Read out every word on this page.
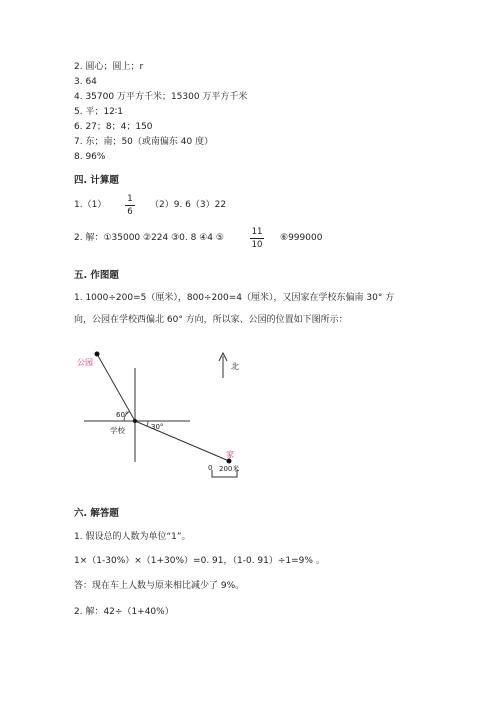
2. 圆心；圆上；r
3. 64
4. 35700 万平方千米；15300 万平方千米
5. 平；12∶1
6. 27；8；4；150
7. 东；南；50（或南偏东 40 度）
8. 96%
四. 计算题
1.（1）
1
6
（2）9. 6（3）22
2. 解：①35000 ②224 ③0. 8 ④4 ⑤
11
10
⑥999000
五. 作图题
1. 1000÷200=5（厘米），800÷200=4（厘米），又因家在学校东偏南 30° 方
向，公园在学校西偏北 60° 方向，所以家、公园的位置如下图所示：
公园
家
学校
北
60°
30°
0 200米
六. 解答题
1. 假设总的人数为单位“1”。
1×（1-30%）×（1+30%）=0. 91，（1-0. 91）÷1=9% 。
答：现在车上人数与原来相比减少了 9%。
2. 解：42÷（1+40%）
